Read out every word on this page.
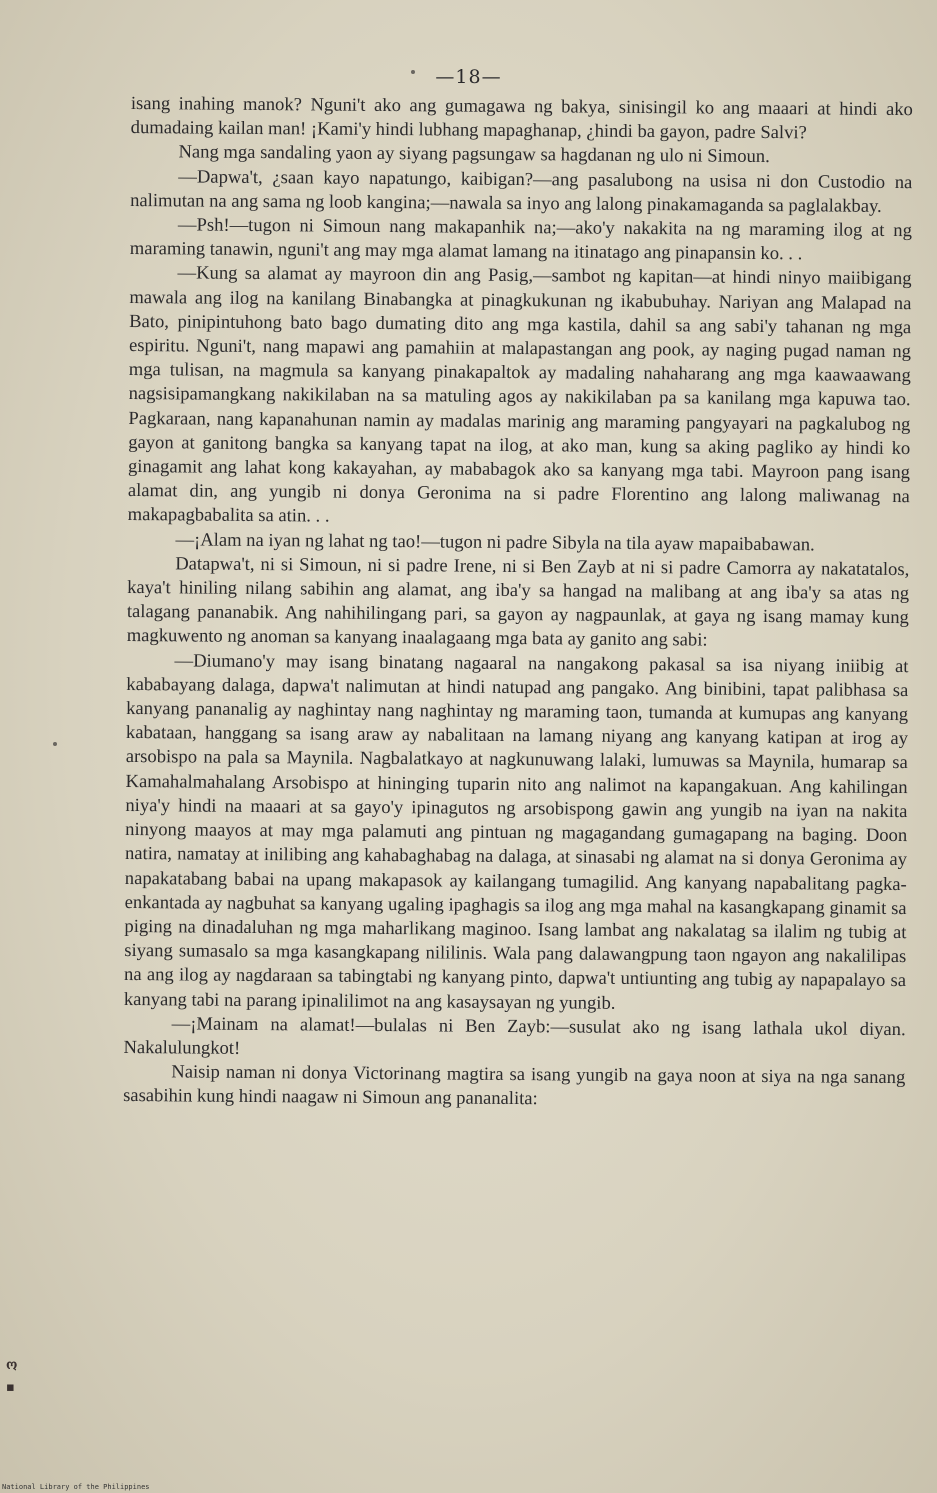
—18—

isang inahing manok? Nguni't ako ang gumagawa ng bakya, sinisingil ko ang maaari at hindi ako dumadaing kailan man! ¡Kami'y hindi lubhang mapaghanap, ¿hindi ba gayon, padre Salvi?

Nang mga sandaling yaon ay siyang pagsungaw sa hagdanan ng ulo ni Simoun.

—Dapwa't, ¿saan kayo napatungo, kaibigan?—ang pasalubong na usisa ni don Custodio na nalimutan na ang sama ng loob kangina;—nawala sa inyo ang lalong pinakamaganda sa paglalakbay.

—Psh!—tugon ni Simoun nang makapanhik na;—ako'y nakakita na ng maraming ilog at ng maraming tanawin, nguni't ang may mga alamat lamang na itinatago ang pinapansin ko. . .

—Kung sa alamat ay mayroon din ang Pasig,—sambot ng kapitan—at hindi ninyo maiibigang mawala ang ilog na kanilang Binabangka at pinagkukunan ng ikabubuhay. Nariyan ang Malapad na Bato, pinipintuhong bato bago dumating dito ang mga kastila, dahil sa ang sabi'y tahanan ng mga espiritu. Nguni't, nang mapawi ang pamahiin at malapastangan ang pook, ay naging pugad naman ng mga tulisan, na magmula sa kanyang pinakapaltok ay madaling nahaharang ang mga kaawaawang nagsisipamangkang nakikilaban na sa matuling agos ay nakikilaban pa sa kanilang mga kapuwa tao. Pagkaraan, nang kapanahunan namin ay madalas marinig ang maraming pangyayari na pagkalubog ng gayon at ganitong bangka sa kanyang tapat na ilog, at ako man, kung sa aking pagliko ay hindi ko ginagamit ang lahat kong kakayahan, ay mababagok ako sa kanyang mga tabi. Mayroon pang isang alamat din, ang yungib ni donya Geronima na si padre Florentino ang lalong maliwanag na makapagbabalita sa atin. . .

—¡Alam na iyan ng lahat ng tao!—tugon ni padre Sibyla na tila ayaw mapaibabawan.

Datapwa't, ni si Simoun, ni si padre Irene, ni si Ben Zayb at ni si padre Camorra ay nakatatalos, kaya't hiniling nilang sabihin ang alamat, ang iba'y sa hangad na malibang at ang iba'y sa atas ng talagang pananabik. Ang nahihilingang pari, sa gayon ay nagpaunlak, at gaya ng isang mamay kung magkuwento ng anoman sa kanyang inaalagaang mga bata ay ganito ang sabi:

—Diumano'y may isang binatang nagaaral na nangakong pakasal sa isa niyang iniibig at kababayang dalaga, dapwa't nalimutan at hindi natupad ang pangako. Ang binibini, tapat palibhasa sa kanyang pananalig ay naghintay nang naghintay ng maraming taon, tumanda at kumupas ang kanyang kabataan, hanggang sa isang araw ay nabalitaan na lamang niyang ang kanyang katipan at irog ay arsobispo na pala sa Maynila. Nagbalatkayo at nagkunuwang lalaki, lumuwas sa Maynila, humarap sa Kamahalmahalang Arsobispo at hininging tuparin nito ang nalimot na kapangakuan. Ang kahilingan niya'y hindi na maaari at sa gayo'y ipinagutos ng arsobispong gawin ang yungib na iyan na nakita ninyong maayos at may mga palamuti ang pintuan ng magagandang gumagapang na baging. Doon natira, namatay at inilibing ang kahabaghabag na dalaga, at sinasabi ng alamat na si donya Geronima ay napakatabang babai na upang makapasok ay kailangang tumagilid. Ang kanyang napabalitang pagka-enkantada ay nagbuhat sa kanyang ugaling ipaghagis sa ilog ang mga mahal na kasangkapang ginamit sa piging na dinadaluhan ng mga maharlikang maginoo. Isang lambat ang nakalatag sa ilalim ng tubig at siyang sumasalo sa mga kasangkapang nililinis. Wala pang dalawangpung taon ngayon ang nakalilipas na ang ilog ay nagdaraan sa tabingtabi ng kanyang pinto, dapwa't untiunting ang tubig ay napapalayo sa kanyang tabi na parang ipinalilimot na ang kasaysayan ng yungib.

—¡Mainam na alamat!—bulalas ni Ben Zayb:—susulat ako ng isang lathala ukol diyan. Nakalulungkot!

Naisip naman ni donya Victorinang magtira sa isang yungib na gaya noon at siya na nga sanang sasabihin kung hindi naagaw ni Simoun ang pananalita:

ო
▪
National Library of the Philippines
